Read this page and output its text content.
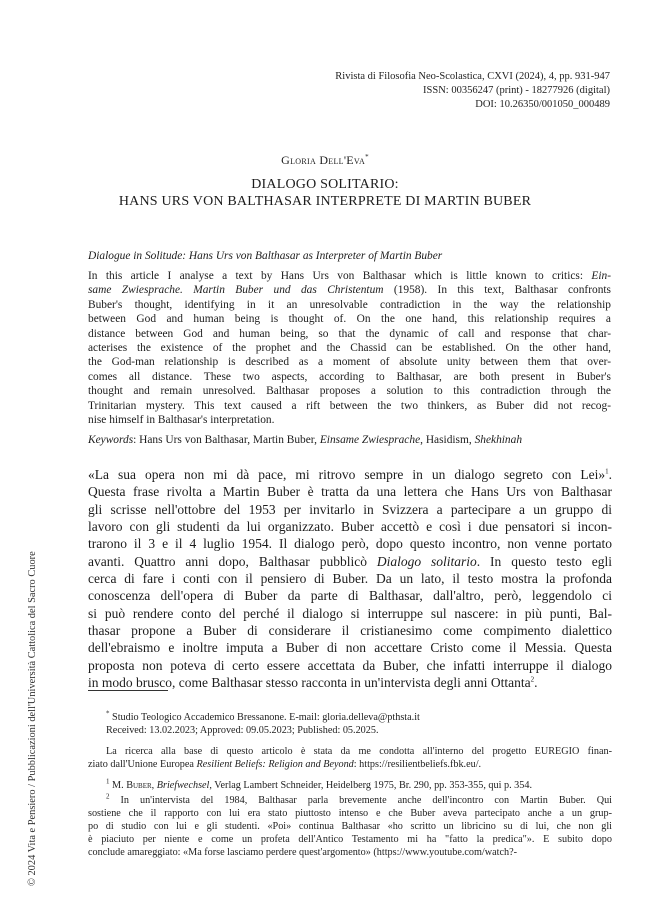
© 2024 Vita e Pensiero / Pubblicazioni dell'Università Cattolica del Sacro Cuore
Rivista di Filosofia Neo-Scolastica, CXVI (2024), 4, pp. 931-947
ISSN: 00356247 (print) - 18277926 (digital)
DOI: 10.26350/001050_000489
Gloria Dell'Eva*
DIALOGO SOLITARIO:
HANS URS VON BALTHASAR INTERPRETE DI MARTIN BUBER
Dialogue in Solitude: Hans Urs von Balthasar as Interpreter of Martin Buber
In this article I analyse a text by Hans Urs von Balthasar which is little known to critics: Ein-
same Zwiesprache. Martin Buber und das Christentum (1958). In this text, Balthasar confronts
Buber's thought, identifying in it an unresolvable contradiction in the way the relationship
between God and human being is thought of. On the one hand, this relationship requires a
distance between God and human being, so that the dynamic of call and response that char-
acterises the existence of the prophet and the Chassid can be established. On the other hand,
the God-man relationship is described as a moment of absolute unity between them that over-
comes all distance. These two aspects, according to Balthasar, are both present in Buber's
thought and remain unresolved. Balthasar proposes a solution to this contradiction through the
Trinitarian mystery. This text caused a rift between the two thinkers, as Buber did not recog-
nise himself in Balthasar's interpretation.
Keywords: Hans Urs von Balthasar, Martin Buber, Einsame Zwiesprache, Hasidism, Shekhinah
«La sua opera non mi dà pace, mi ritrovo sempre in un dialogo segreto con Lei»$^1$.
Questa frase rivolta a Martin Buber è tratta da una lettera che Hans Urs von Balthasar
gli scrisse nell'ottobre del 1953 per invitarlo in Svizzera a partecipare a un gruppo di
lavoro con gli studenti da lui organizzato. Buber accettò e così i due pensatori si incon-
trarono il 3 e il 4 luglio 1954. Il dialogo però, dopo questo incontro, non venne portato
avanti. Quattro anni dopo, Balthasar pubblicò Dialogo solitario. In questo testo egli
cerca di fare i conti con il pensiero di Buber. Da un lato, il testo mostra la profonda
conoscenza dell'opera di Buber da parte di Balthasar, dall'altro, però, leggendolo ci
si può rendere conto del perché il dialogo si interruppe sul nascere: in più punti, Bal-
thasar propone a Buber di considerare il cristianesimo come compimento dialettico
dell'ebraismo e inoltre imputa a Buber di non accettare Cristo come il Messia. Questa
proposta non poteva di certo essere accettata da Buber, che infatti interruppe il dialogo
in modo brusco, come Balthasar stesso racconta in un'intervista degli anni Ottanta$^2$.
* Studio Teologico Accademico Bressanone. E-mail: gloria.delleva@pthsta.it
Received: 13.02.2023; Approved: 09.05.2023; Published: 05.2025.
La ricerca alla base di questo articolo è stata da me condotta all'interno del progetto EUREGIO finan-
ziato dall'Unione Europea Resilient Beliefs: Religion and Beyond: https://resilientbeliefs.fbk.eu/.
$^1$ M. Buber, Briefwechsel, Verlag Lambert Schneider, Heidelberg 1975, Br. 290, pp. 353-355, qui p. 354.
$^2$ In un'intervista del 1984, Balthasar parla brevemente anche dell'incontro con Martin Buber. Qui
sostiene che il rapporto con lui era stato piuttosto intenso e che Buber aveva partecipato anche a un grup-
po di studio con lui e gli studenti. «Poi» continua Balthasar «ho scritto un libricino su di lui, che non gli
è piaciuto per niente e come un profeta dell'Antico Testamento mi ha "fatto la predica"». E subito dopo
conclude amareggiato: «Ma forse lasciamo perdere quest'argomento» (https://www.youtube.com/watch?-
